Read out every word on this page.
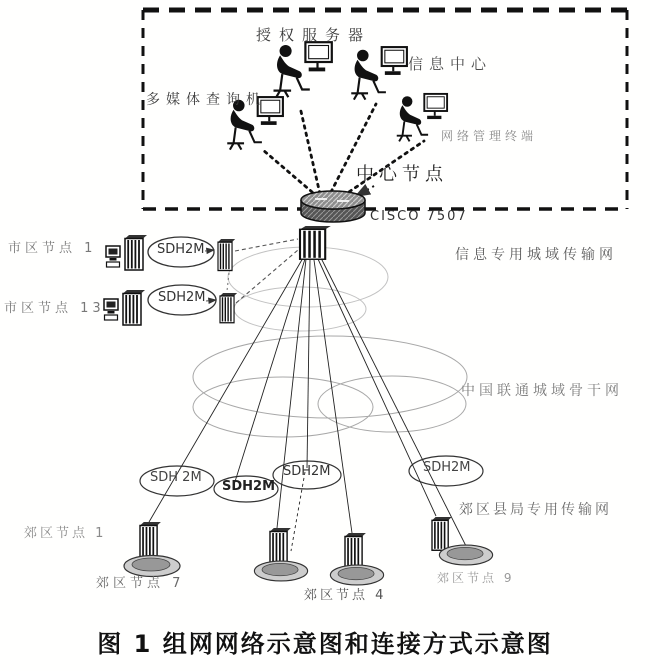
授权服务器
信息中心
多媒体查询机
网络管理终端
中心节点
CISCO 7507
市区节点 1
市区节点 13
SDH2M
SDH2M
信息专用城域传输网
中国联通城域骨干网
郊区县局专用传输网
SDH 2M
SDH2M
SDH2M	SDH2M
郊区节点 1
郊区节点 7
郊区节点 4
郊区节点 9
图 1 组网网络示意图和连接方式示意图
